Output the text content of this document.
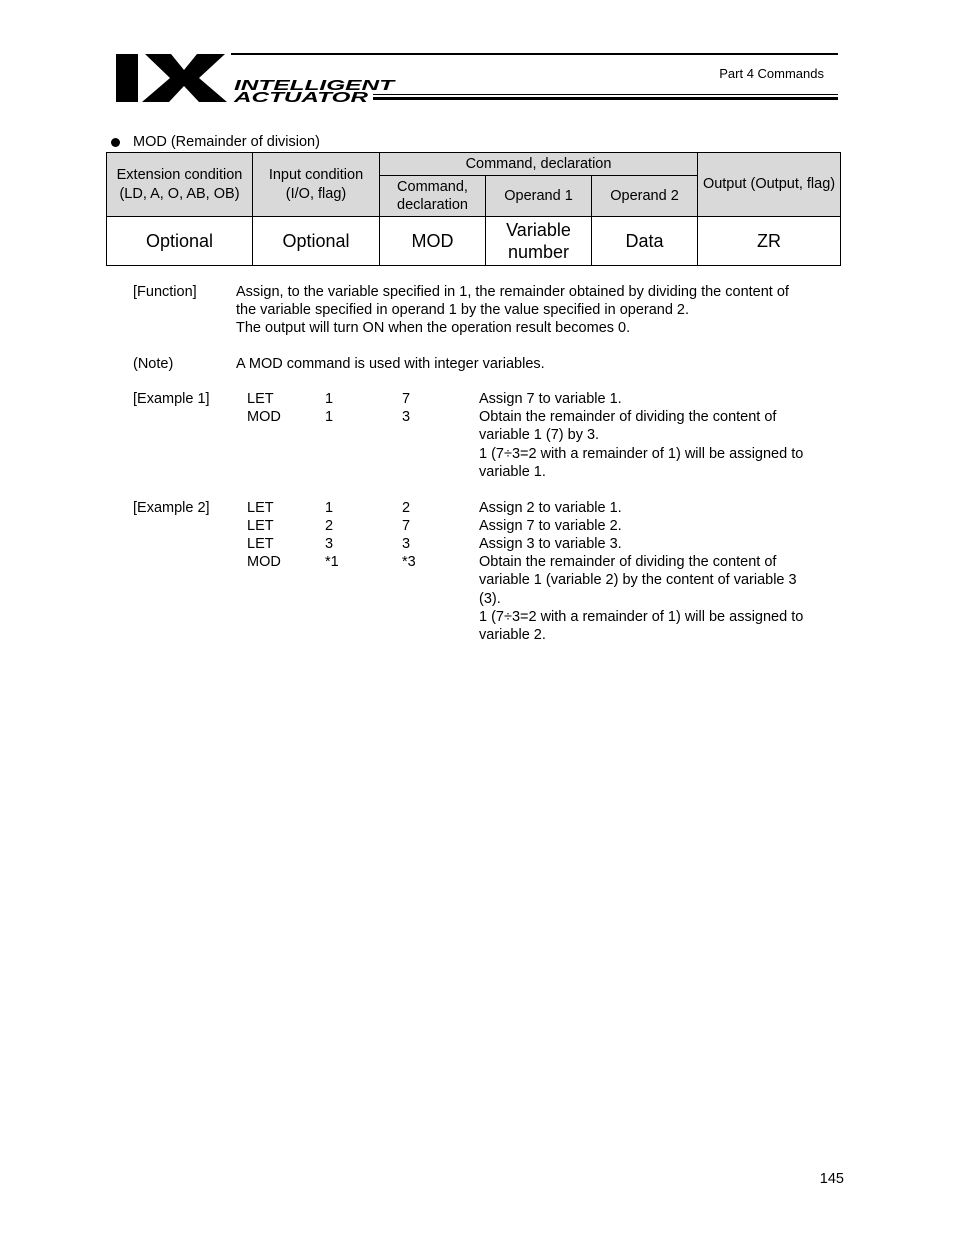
INTELLIGENT
ACTUATOR
Part 4 Commands
MOD (Remainder of division)
Extension condition (LD, A, O, AB, OB)	Input condition (I/O, flag)	Command, declaration			Output (Output, flag)
		Command, declaration	Operand 1	Operand 2	
Optional	Optional	MOD	Variable number	Data	ZR
[Function]	Assign, to the variable specified in 1, the remainder obtained by dividing the content of
the variable specified in operand 1 by the value specified in operand 2.
The output will turn ON when the operation result becomes 0.
(Note)	A MOD command is used with integer variables.
[Example 1]	LET	1	7	Assign 7 to variable 1.
MOD	1	3	Obtain the remainder of dividing the content of
variable 1 (7) by 3.
1 (7÷3=2 with a remainder of 1) will be assigned to
variable 1.
[Example 2]	LET	1	2	Assign 2 to variable 1.
LET	2	7	Assign 7 to variable 2.
LET	3	3	Assign 3 to variable 3.
MOD	*1	*3	Obtain the remainder of dividing the content of
variable 1 (variable 2) by the content of variable 3
(3).
1 (7÷3=2 with a remainder of 1) will be assigned to
variable 2.
145
